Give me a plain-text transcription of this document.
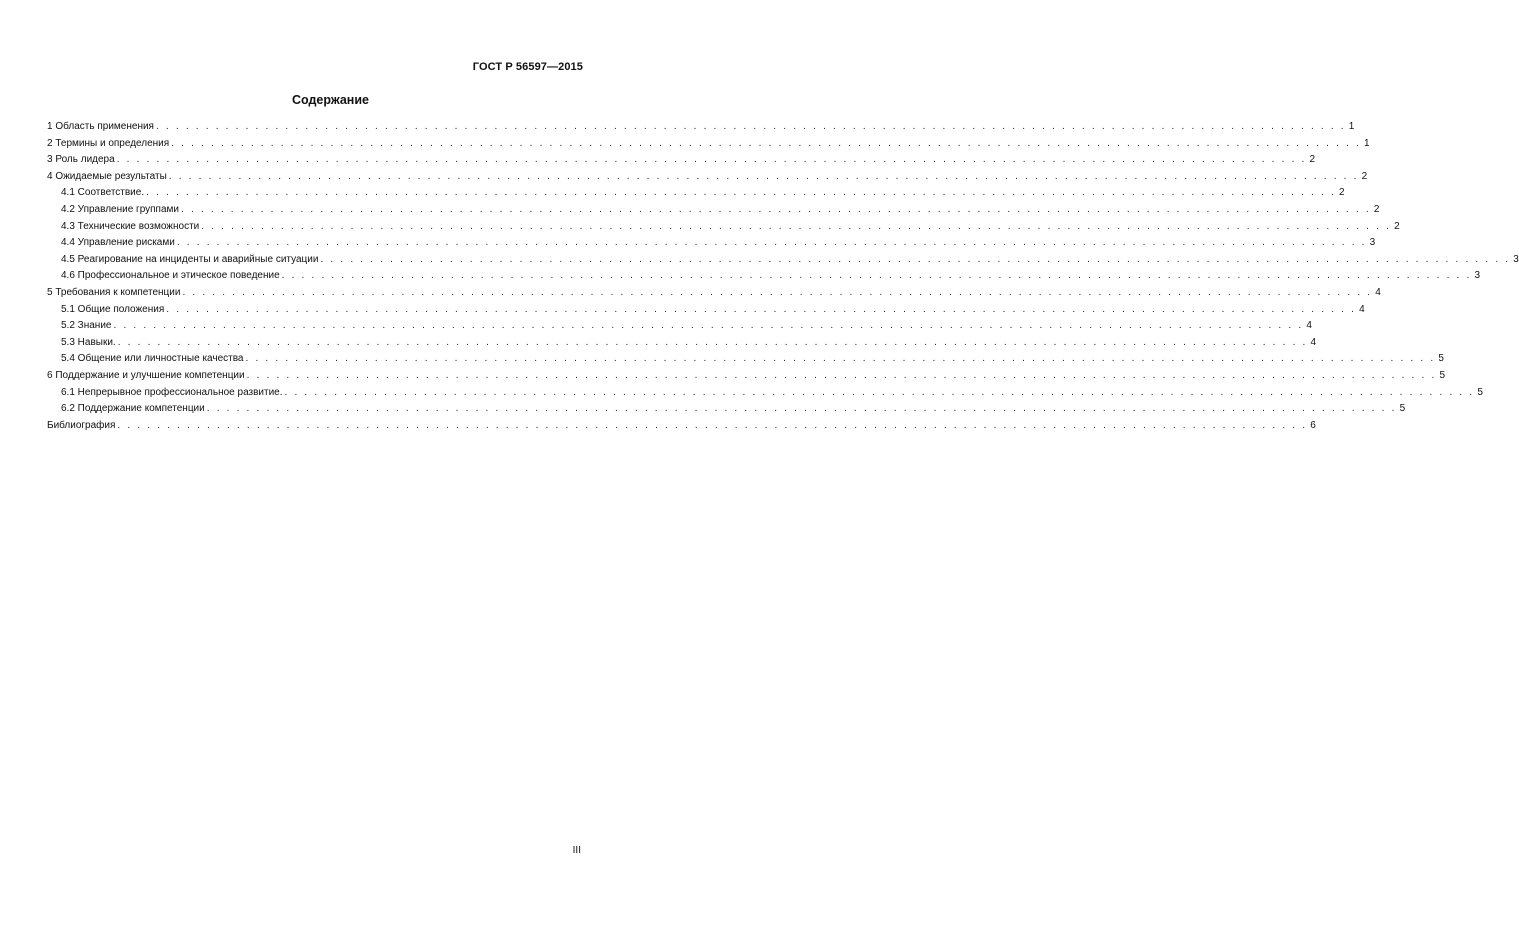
ГОСТ Р 56597—2015
Содержание
1 Область применения . . . . . . . . . . . . . . . . . . . . . . . . . . . . . . . . . . . . . . . . . . . . . . . . . . . . . . . . . . . . . . . . . . . . . . . . . . . . . . . . . . . . . . . . . . . . . . . . . . . . . . . . . . . . . . . . . . . . . . . . 1
2 Термины и определения . . . . . . . . . . . . . . . . . . . . . . . . . . . . . . . . . . . . . . . . . . . . . . . . . . . . . . . . . . . . . . . . . . . . . . . . . . . . . . . . . . . . . . . . . . . . . . . . . . . . . . . . . . . . . . . . . . . . . . . . 1
3 Роль лидера . . . . . . . . . . . . . . . . . . . . . . . . . . . . . . . . . . . . . . . . . . . . . . . . . . . . . . . . . . . . . . . . . . . . . . . . . . . . . . . . . . . . . . . . . . . . . . . . . . . . . . . . . . . . . . . . . . . . . . . . 2
4 Ожидаемые результаты . . . . . . . . . . . . . . . . . . . . . . . . . . . . . . . . . . . . . . . . . . . . . . . . . . . . . . . . . . . . . . . . . . . . . . . . . . . . . . . . . . . . . . . . . . . . . . . . . . . . . . . . . . . . . . . . . . . . . . . . 2
4.1 Соответствие. . . . . . . . . . . . . . . . . . . . . . . . . . . . . . . . . . . . . . . . . . . . . . . . . . . . . . . . . . . . . . . . . . . . . . . . . . . . . . . . . . . . . . . . . . . . . . . . . . . . . . . . . . . . . . . . . . . . . . . . . 2
4.2 Управление группами . . . . . . . . . . . . . . . . . . . . . . . . . . . . . . . . . . . . . . . . . . . . . . . . . . . . . . . . . . . . . . . . . . . . . . . . . . . . . . . . . . . . . . . . . . . . . . . . . . . . . . . . . . . . . . . . . . . . . . . . 2
4.3 Технические возможности . . . . . . . . . . . . . . . . . . . . . . . . . . . . . . . . . . . . . . . . . . . . . . . . . . . . . . . . . . . . . . . . . . . . . . . . . . . . . . . . . . . . . . . . . . . . . . . . . . . . . . . . . . . . . . . . . . . . . . . . 2
4.4 Управление рисками . . . . . . . . . . . . . . . . . . . . . . . . . . . . . . . . . . . . . . . . . . . . . . . . . . . . . . . . . . . . . . . . . . . . . . . . . . . . . . . . . . . . . . . . . . . . . . . . . . . . . . . . . . . . . . . . . . . . . . . . 3
4.5 Реагирование на инциденты и аварийные ситуации . . . . . . . . . . . . . . . . . . . . . . . . . . . . . . . . . . . . . . . . . . . . . . . . . . . . . . . . . . . . . . . . . . . . . . . . . . . . . . . . . . . . . . . . . . . . . . . . . . . . . . . . . . . . . . . . . . . . . . . . 3
4.6 Профессиональное и этическое поведение . . . . . . . . . . . . . . . . . . . . . . . . . . . . . . . . . . . . . . . . . . . . . . . . . . . . . . . . . . . . . . . . . . . . . . . . . . . . . . . . . . . . . . . . . . . . . . . . . . . . . . . . . . . . . . . . . . . . . . . . 3
5 Требования к компетенции . . . . . . . . . . . . . . . . . . . . . . . . . . . . . . . . . . . . . . . . . . . . . . . . . . . . . . . . . . . . . . . . . . . . . . . . . . . . . . . . . . . . . . . . . . . . . . . . . . . . . . . . . . . . . . . . . . . . . . . . 4
5.1 Общие положения . . . . . . . . . . . . . . . . . . . . . . . . . . . . . . . . . . . . . . . . . . . . . . . . . . . . . . . . . . . . . . . . . . . . . . . . . . . . . . . . . . . . . . . . . . . . . . . . . . . . . . . . . . . . . . . . . . . . . . . . 4
5.2 Знание . . . . . . . . . . . . . . . . . . . . . . . . . . . . . . . . . . . . . . . . . . . . . . . . . . . . . . . . . . . . . . . . . . . . . . . . . . . . . . . . . . . . . . . . . . . . . . . . . . . . . . . . . . . . . . . . . . . . . . . . 4
5.3 Навыки. . . . . . . . . . . . . . . . . . . . . . . . . . . . . . . . . . . . . . . . . . . . . . . . . . . . . . . . . . . . . . . . . . . . . . . . . . . . . . . . . . . . . . . . . . . . . . . . . . . . . . . . . . . . . . . . . . . . . . . . . 4
5.4 Общение или личностные качества . . . . . . . . . . . . . . . . . . . . . . . . . . . . . . . . . . . . . . . . . . . . . . . . . . . . . . . . . . . . . . . . . . . . . . . . . . . . . . . . . . . . . . . . . . . . . . . . . . . . . . . . . . . . . . . . . . . . . . . . 5
6 Поддержание и улучшение компетенции . . . . . . . . . . . . . . . . . . . . . . . . . . . . . . . . . . . . . . . . . . . . . . . . . . . . . . . . . . . . . . . . . . . . . . . . . . . . . . . . . . . . . . . . . . . . . . . . . . . . . . . . . . . . . . . . . . . . . . . . 5
6.1 Непрерывное профессиональное развитие. . . . . . . . . . . . . . . . . . . . . . . . . . . . . . . . . . . . . . . . . . . . . . . . . . . . . . . . . . . . . . . . . . . . . . . . . . . . . . . . . . . . . . . . . . . . . . . . . . . . . . . . . . . . . . . . . . . . . . . . . 5
6.2 Поддержание компетенции . . . . . . . . . . . . . . . . . . . . . . . . . . . . . . . . . . . . . . . . . . . . . . . . . . . . . . . . . . . . . . . . . . . . . . . . . . . . . . . . . . . . . . . . . . . . . . . . . . . . . . . . . . . . . . . . . . . . . . . . 5
Библиография . . . . . . . . . . . . . . . . . . . . . . . . . . . . . . . . . . . . . . . . . . . . . . . . . . . . . . . . . . . . . . . . . . . . . . . . . . . . . . . . . . . . . . . . . . . . . . . . . . . . . . . . . . . . . . . . . . . . . . . . 6
III
